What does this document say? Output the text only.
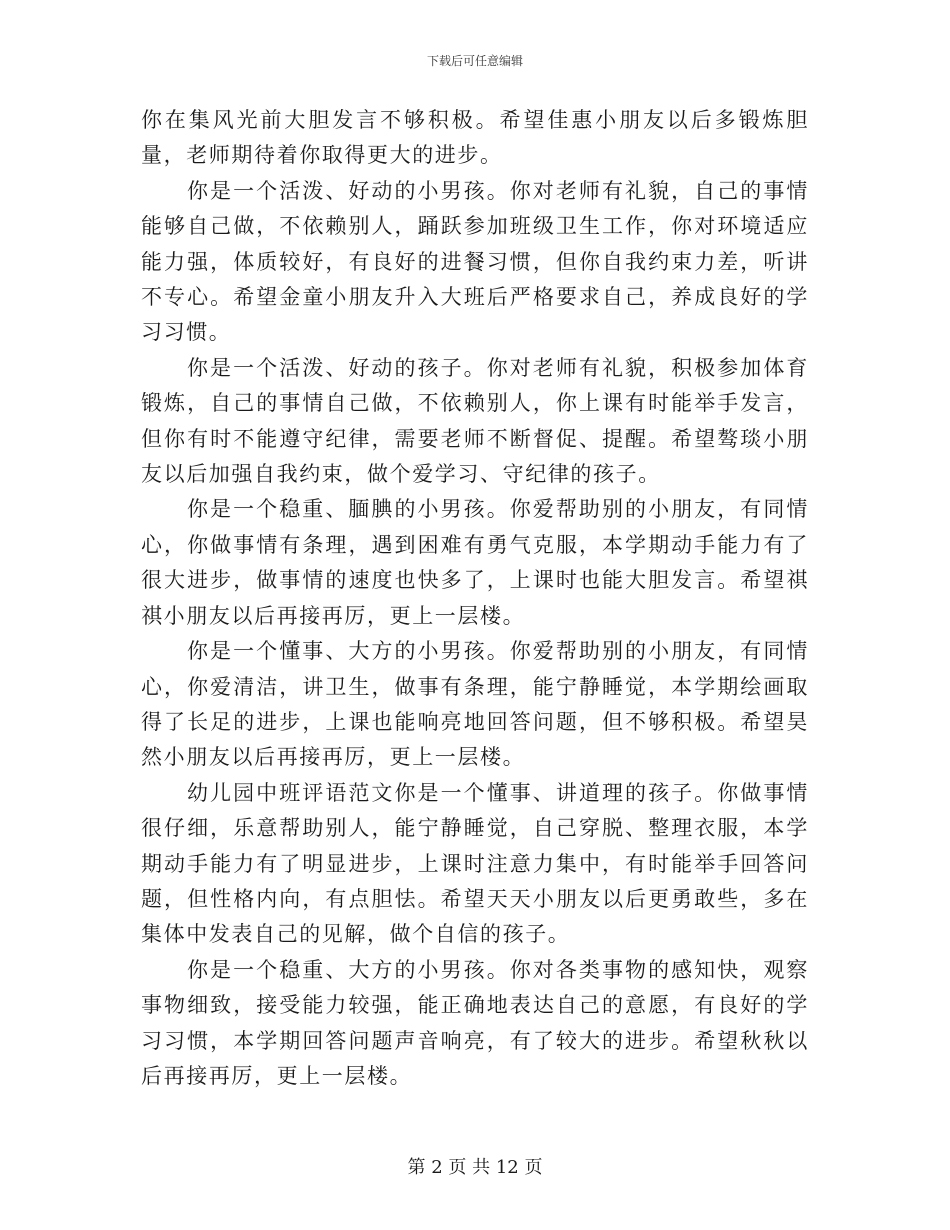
下载后可任意编辑

你在集风光前大胆发言不够积极。希望佳惠小朋友以后多锻炼胆量，老师期待着你取得更大的进步。

你是一个活泼、好动的小男孩。你对老师有礼貌，自己的事情能够自己做，不依赖别人，踊跃参加班级卫生工作，你对环境适应能力强，体质较好，有良好的进餐习惯，但你自我约束力差，听讲不专心。希望金童小朋友升入大班后严格要求自己，养成良好的学习习惯。

你是一个活泼、好动的孩子。你对老师有礼貌，积极参加体育锻炼，自己的事情自己做，不依赖别人，你上课有时能举手发言，但你有时不能遵守纪律，需要老师不断督促、提醒。希望骜琰小朋友以后加强自我约束，做个爱学习、守纪律的孩子。

你是一个稳重、腼腆的小男孩。你爱帮助别的小朋友，有同情心，你做事情有条理，遇到困难有勇气克服，本学期动手能力有了很大进步，做事情的速度也快多了，上课时也能大胆发言。希望祺祺小朋友以后再接再厉，更上一层楼。

你是一个懂事、大方的小男孩。你爱帮助别的小朋友，有同情心，你爱清洁，讲卫生，做事有条理，能宁静睡觉，本学期绘画取得了长足的进步，上课也能响亮地回答问题，但不够积极。希望昊然小朋友以后再接再厉，更上一层楼。

幼儿园中班评语范文你是一个懂事、讲道理的孩子。你做事情很仔细，乐意帮助别人，能宁静睡觉，自己穿脱、整理衣服，本学期动手能力有了明显进步，上课时注意力集中，有时能举手回答问题，但性格内向，有点胆怯。希望天天小朋友以后更勇敢些，多在集体中发表自己的见解，做个自信的孩子。

你是一个稳重、大方的小男孩。你对各类事物的感知快，观察事物细致，接受能力较强，能正确地表达自己的意愿，有良好的学习习惯，本学期回答问题声音响亮，有了较大的进步。希望秋秋以后再接再厉，更上一层楼。

第 2 页 共 12 页
